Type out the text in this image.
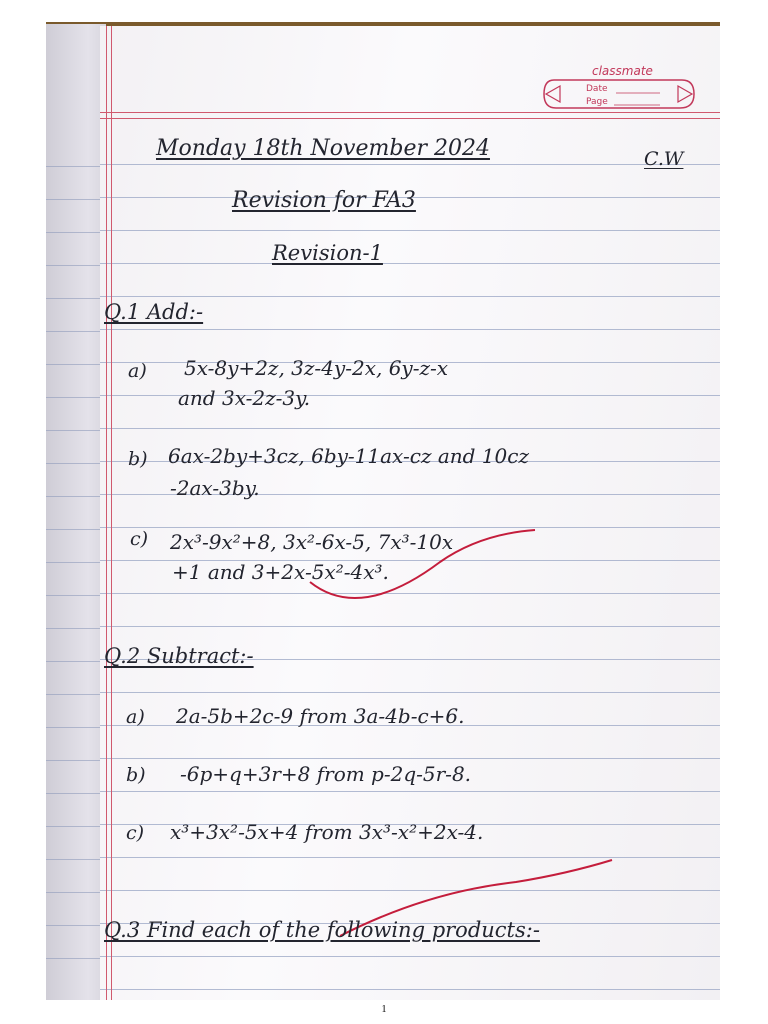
classmate
Date
Page
Monday 18th November 2024	C.W
Revision for FA3
Revision-1
Q.1 Add:-
a) 5x-8y+2z, 3z-4y-2x, 6y-z-x
and 3x-2z-3y.
b) 6ax-2by+3cz, 6by-11ax-cz and 10cz
-2ax-3by.
c) 2x³-9x²+8, 3x²-6x-5, 7x³-10x
+1 and 3+2x-5x²-4x³.
Q.2 Subtract:-
a) 2a-5b+2c-9 from 3a-4b-c+6.
b) -6p+q+3r+8 from p-2q-5r-8.
c) x³+3x²-5x+4 from 3x³-x²+2x-4.
Q.3 Find each of the following products:-
1
